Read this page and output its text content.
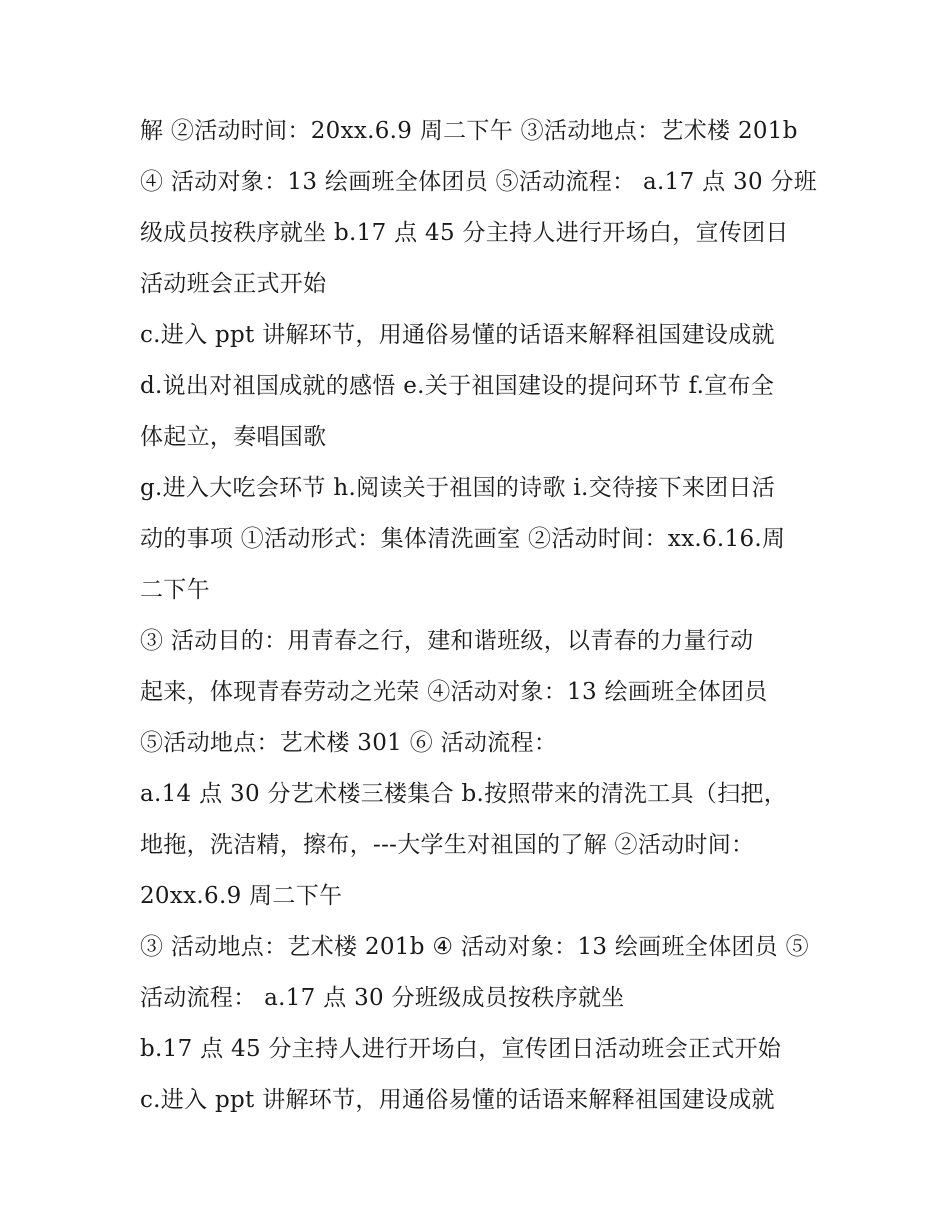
解 ②活动时间：20xx.6.9 周二下午 ③活动地点：艺术楼 201b
④ 活动对象：13 绘画班全体团员 ⑤活动流程： a.17 点 30 分班
级成员按秩序就坐 b.17 点 45 分主持人进行开场白，宣传团日
活动班会正式开始
c.进入 ppt 讲解环节，用通俗易懂的话语来解释祖国建设成就
d.说出对祖国成就的感悟 e.关于祖国建设的提问环节 f.宣布全
体起立，奏唱国歌
g.进入大吃会环节 h.阅读关于祖国的诗歌 i.交待接下来团日活
动的事项 ①活动形式：集体清洗画室 ②活动时间：xx.6.16.周
二下午
③ 活动目的：用青春之行，建和谐班级，以青春的力量行动
起来，体现青春劳动之光荣 ④活动对象：13 绘画班全体团员
⑤活动地点：艺术楼 301 ⑥ 活动流程：
a.14 点 30 分艺术楼三楼集合 b.按照带来的清洗工具（扫把，
地拖，洗洁精，擦布，---大学生对祖国的了解 ②活动时间：
20xx.6.9 周二下午
③ 活动地点：艺术楼 201b ④ 活动对象：13 绘画班全体团员 ⑤
活动流程： a.17 点 30 分班级成员按秩序就坐
b.17 点 45 分主持人进行开场白，宣传团日活动班会正式开始
c.进入 ppt 讲解环节，用通俗易懂的话语来解释祖国建设成就
